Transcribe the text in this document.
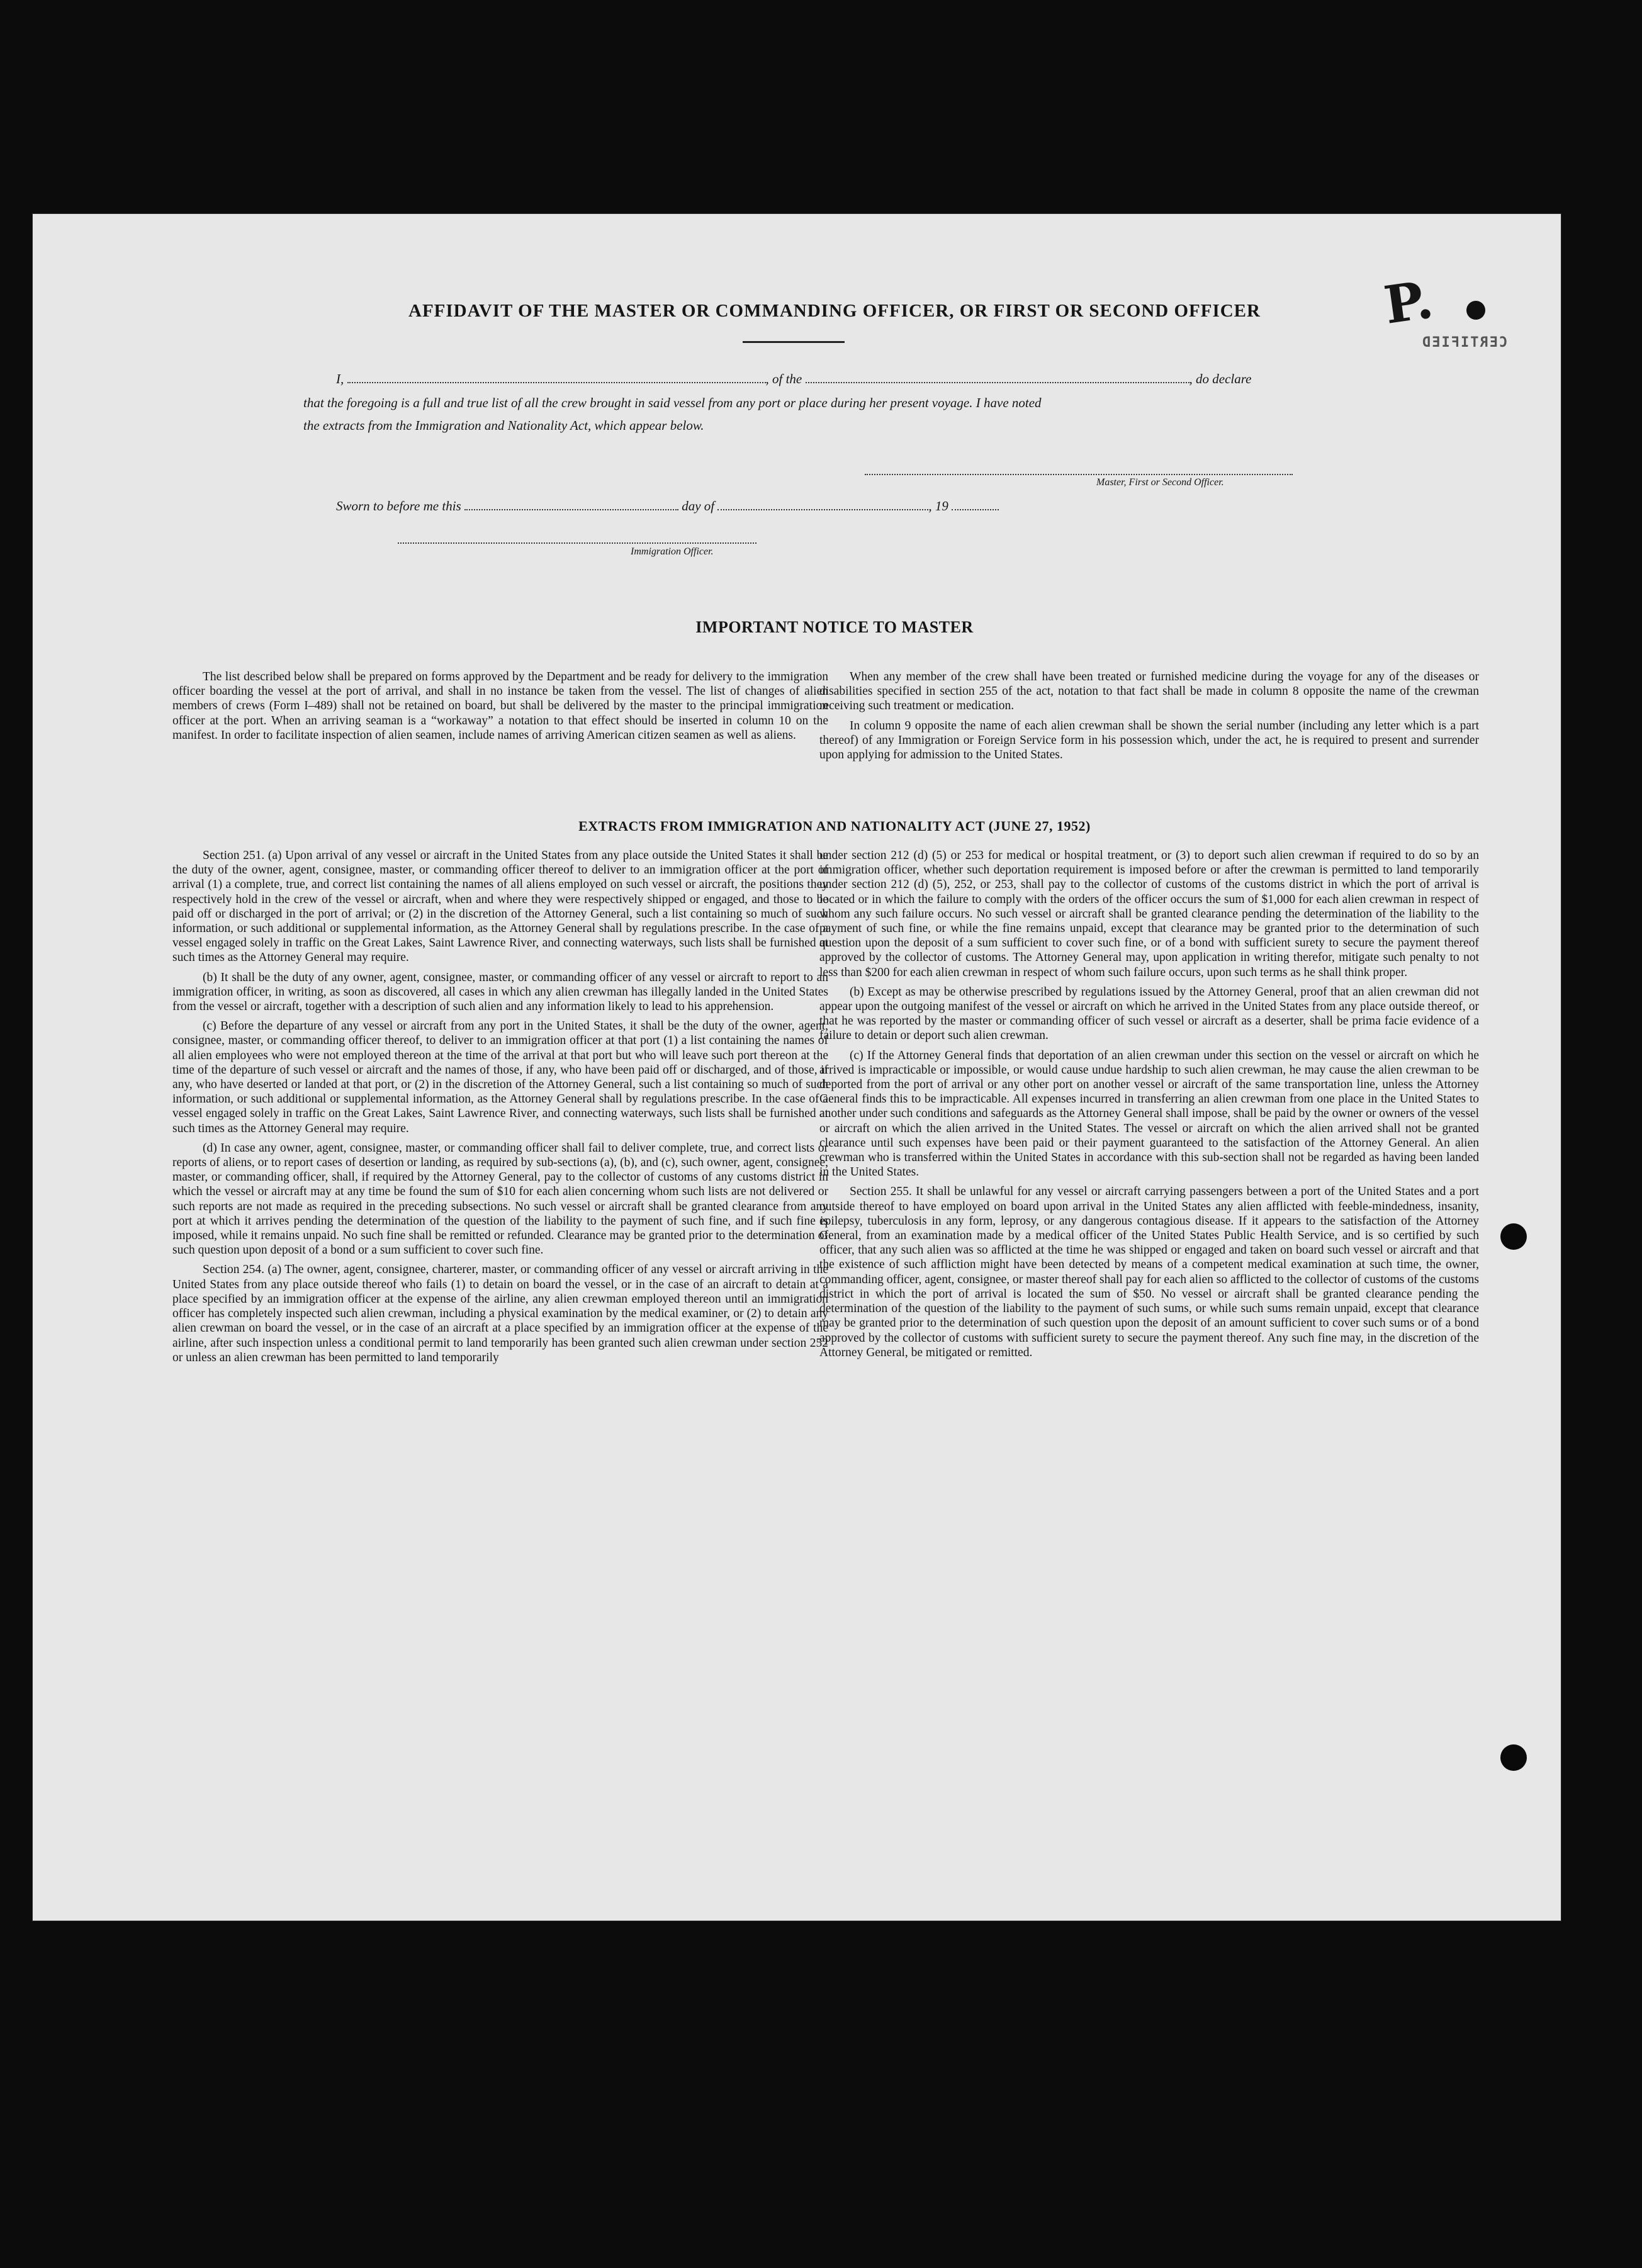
AFFIDAVIT OF THE MASTER OR COMMANDING OFFICER, OR FIRST OR SECOND OFFICER	P.
CERTIFIED
I,	, of the	, do declare
that the foregoing is a full and true list of all the crew brought in said vessel from any port or place during her present voyage. I have noted
the extracts from the Immigration and Nationality Act, which appear below.
Master, First or Second Officer.
Sworn to before me this	day of	, 19
Immigration Officer.
IMPORTANT NOTICE TO MASTER

The list described below shall be prepared on forms approved by the Department and be ready for delivery to the immigration officer boarding the vessel at the port of arrival, and shall in no instance be taken from the vessel. The list of changes of alien members of crews (Form I–489) shall not be retained on board, but shall be delivered by the master to the principal immigration officer at the port. When an arriving seaman is a “workaway” a notation to that effect should be inserted in column 10 on the manifest. In order to facilitate inspection of alien seamen, include names of arriving American citizen seamen as well as aliens.

When any member of the crew shall have been treated or furnished medicine during the voyage for any of the diseases or disabilities specified in section 255 of the act, notation to that fact shall be made in column 8 opposite the name of the crewman receiving such treatment or medication.

In column 9 opposite the name of each alien crewman shall be shown the serial number (including any letter which is a part thereof) of any Immigration or Foreign Service form in his possession which, under the act, he is required to present and surrender upon applying for admission to the United States.

EXTRACTS FROM IMMIGRATION AND NATIONALITY ACT (JUNE 27, 1952)

Section 251. (a) Upon arrival of any vessel or aircraft in the United States from any place outside the United States it shall be the duty of the owner, agent, consignee, master, or commanding officer thereof to deliver to an immigration officer at the port of arrival (1) a complete, true, and correct list containing the names of all aliens employed on such vessel or aircraft, the positions they respectively hold in the crew of the vessel or aircraft, when and where they were respectively shipped or engaged, and those to be paid off or discharged in the port of arrival; or (2) in the discretion of the Attorney General, such a list containing so much of such information, or such additional or supplemental information, as the Attorney General shall by regulations prescribe. In the case of a vessel engaged solely in traffic on the Great Lakes, Saint Lawrence River, and connecting waterways, such lists shall be furnished at such times as the Attorney General may require.

(b) It shall be the duty of any owner, agent, consignee, master, or commanding officer of any vessel or aircraft to report to an immigration officer, in writing, as soon as discovered, all cases in which any alien crewman has illegally landed in the United States from the vessel or aircraft, together with a description of such alien and any information likely to lead to his apprehension.

(c) Before the departure of any vessel or aircraft from any port in the United States, it shall be the duty of the owner, agent, consignee, master, or commanding officer thereof, to deliver to an immigration officer at that port (1) a list containing the names of all alien employees who were not employed thereon at the time of the arrival at that port but who will leave such port thereon at the time of the departure of such vessel or aircraft and the names of those, if any, who have been paid off or discharged, and of those, if any, who have deserted or landed at that port, or (2) in the discretion of the Attorney General, such a list containing so much of such information, or such additional or supplemental information, as the Attorney General shall by regulations prescribe. In the case of a vessel engaged solely in traffic on the Great Lakes, Saint Lawrence River, and connecting waterways, such lists shall be furnished at such times as the Attorney General may require.

(d) In case any owner, agent, consignee, master, or commanding officer shall fail to deliver complete, true, and correct lists or reports of aliens, or to report cases of desertion or landing, as required by sub-sections (a), (b), and (c), such owner, agent, consignee, master, or commanding officer, shall, if required by the Attorney General, pay to the collector of customs of any customs district in which the vessel or aircraft may at any time be found the sum of $10 for each alien concerning whom such lists are not delivered or such reports are not made as required in the preceding subsections. No such vessel or aircraft shall be granted clearance from any port at which it arrives pending the determination of the question of the liability to the payment of such fine, and if such fine is imposed, while it remains unpaid. No such fine shall be remitted or refunded. Clearance may be granted prior to the determination of such question upon deposit of a bond or a sum sufficient to cover such fine.

Section 254. (a) The owner, agent, consignee, charterer, master, or commanding officer of any vessel or aircraft arriving in the United States from any place outside thereof who fails (1) to detain on board the vessel, or in the case of an aircraft to detain at a place specified by an immigration officer at the expense of the airline, any alien crewman employed thereon until an immigration officer has completely inspected such alien crewman, including a physical examination by the medical examiner, or (2) to detain any alien crewman on board the vessel, or in the case of an aircraft at a place specified by an immigration officer at the expense of the airline, after such inspection unless a conditional permit to land temporarily has been granted such alien crewman under section 252 or unless an alien crewman has been permitted to land temporarily

under section 212 (d) (5) or 253 for medical or hospital treatment, or (3) to deport such alien crewman if required to do so by an immigration officer, whether such deportation requirement is imposed before or after the crewman is permitted to land temporarily under section 212 (d) (5), 252, or 253, shall pay to the collector of customs of the customs district in which the port of arrival is located or in which the failure to comply with the orders of the officer occurs the sum of $1,000 for each alien crewman in respect of whom any such failure occurs. No such vessel or aircraft shall be granted clearance pending the determination of the liability to the payment of such fine, or while the fine remains unpaid, except that clearance may be granted prior to the determination of such question upon the deposit of a sum sufficient to cover such fine, or of a bond with sufficient surety to secure the payment thereof approved by the collector of customs. The Attorney General may, upon application in writing therefor, mitigate such penalty to not less than $200 for each alien crewman in respect of whom such failure occurs, upon such terms as he shall think proper.

(b) Except as may be otherwise prescribed by regulations issued by the Attorney General, proof that an alien crewman did not appear upon the outgoing manifest of the vessel or aircraft on which he arrived in the United States from any place outside thereof, or that he was reported by the master or commanding officer of such vessel or aircraft as a deserter, shall be prima facie evidence of a failure to detain or deport such alien crewman.

(c) If the Attorney General finds that deportation of an alien crewman under this section on the vessel or aircraft on which he arrived is impracticable or impossible, or would cause undue hardship to such alien crewman, he may cause the alien crewman to be deported from the port of arrival or any other port on another vessel or aircraft of the same transportation line, unless the Attorney General finds this to be impracticable. All expenses incurred in transferring an alien crewman from one place in the United States to another under such conditions and safeguards as the Attorney General shall impose, shall be paid by the owner or owners of the vessel or aircraft on which the alien arrived in the United States. The vessel or aircraft on which the alien arrived shall not be granted clearance until such expenses have been paid or their payment guaranteed to the satisfaction of the Attorney General. An alien crewman who is transferred within the United States in accordance with this sub-section shall not be regarded as having been landed in the United States.

Section 255. It shall be unlawful for any vessel or aircraft carrying passengers between a port of the United States and a port outside thereof to have employed on board upon arrival in the United States any alien afflicted with feeble-mindedness, insanity, epilepsy, tuberculosis in any form, leprosy, or any dangerous contagious disease. If it appears to the satisfaction of the Attorney General, from an examination made by a medical officer of the United States Public Health Service, and is so certified by such officer, that any such alien was so afflicted at the time he was shipped or engaged and taken on board such vessel or aircraft and that the existence of such affliction might have been detected by means of a competent medical examination at such time, the owner, commanding officer, agent, consignee, or master thereof shall pay for each alien so afflicted to the collector of customs of the customs district in which the port of arrival is located the sum of $50. No vessel or aircraft shall be granted clearance pending the determination of the question of the liability to the payment of such sums, or while such sums remain unpaid, except that clearance may be granted prior to the determination of such question upon the deposit of an amount sufficient to cover such sums or of a bond approved by the collector of customs with sufficient surety to secure the payment thereof. Any such fine may, in the discretion of the Attorney General, be mitigated or remitted.
